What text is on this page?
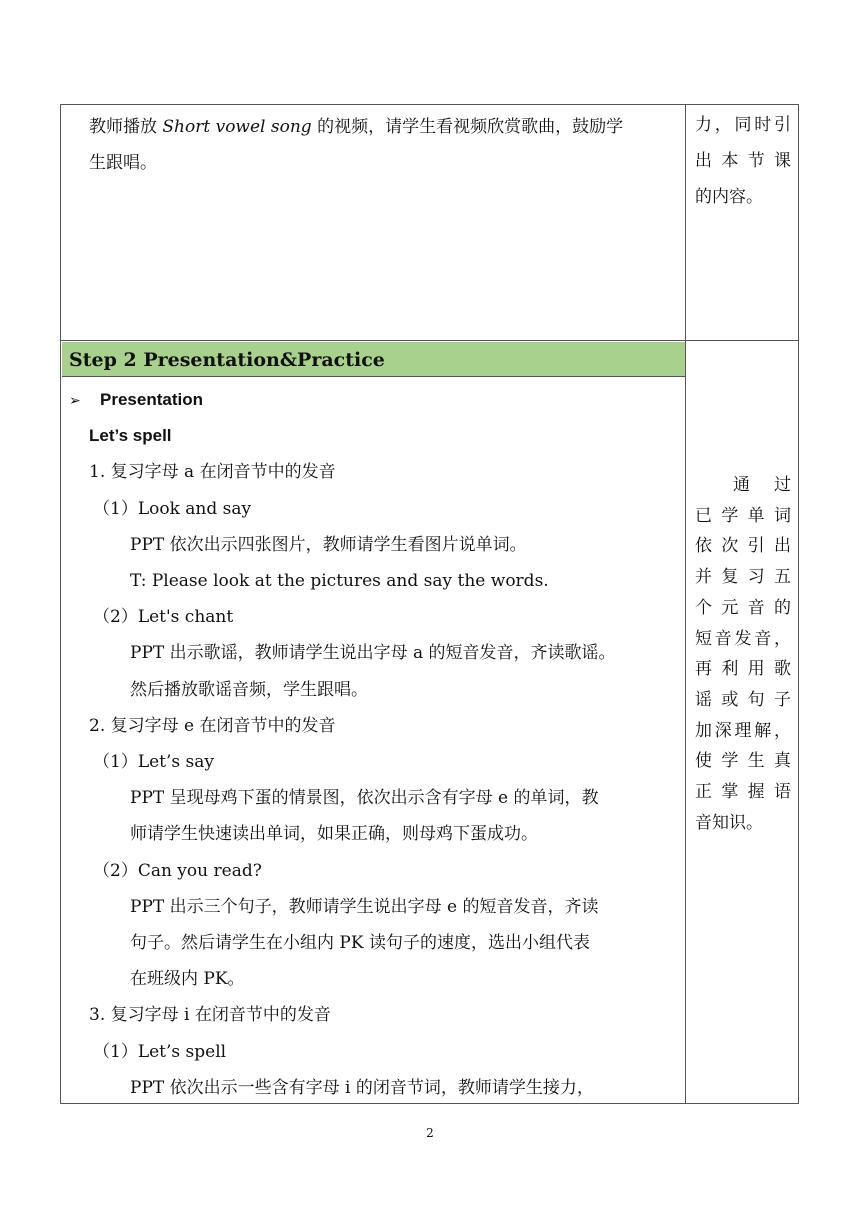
教师播放 Short vowel song 的视频，请学生看视频欣赏歌曲，鼓励学
生跟唱。
力，同时引
出 本 节 课
的内容。
Step 2 Presentation&Practice
➢	Presentation
Let’s spell
1. 复习字母 a 在闭音节中的发音
（1）Look and say
PPT 依次出示四张图片，教师请学生看图片说单词。
T: Please look at the pictures and say the words.
（2）Let's chant
PPT 出示歌谣，教师请学生说出字母 a 的短音发音，齐读歌谣。
然后播放歌谣音频，学生跟唱。
2. 复习字母 e 在闭音节中的发音
（1）Let’s say
PPT 呈现母鸡下蛋的情景图，依次出示含有字母 e 的单词，教
师请学生快速读出单词，如果正确，则母鸡下蛋成功。
（2）Can you read?
PPT 出示三个句子，教师请学生说出字母 e 的短音发音，齐读
句子。然后请学生在小组内 PK 读句子的速度，选出小组代表
在班级内 PK。
3. 复习字母 i 在闭音节中的发音
（1）Let’s spell
PPT 依次出示一些含有字母 i 的闭音节词，教师请学生接力，
通　过
已 学 单 词
依 次 引 出
并 复 习 五
个 元 音 的
短音发音，
再 利 用 歌
谣 或 句 子
加深理解，
使 学 生 真
正 掌 握 语
音知识。
2
